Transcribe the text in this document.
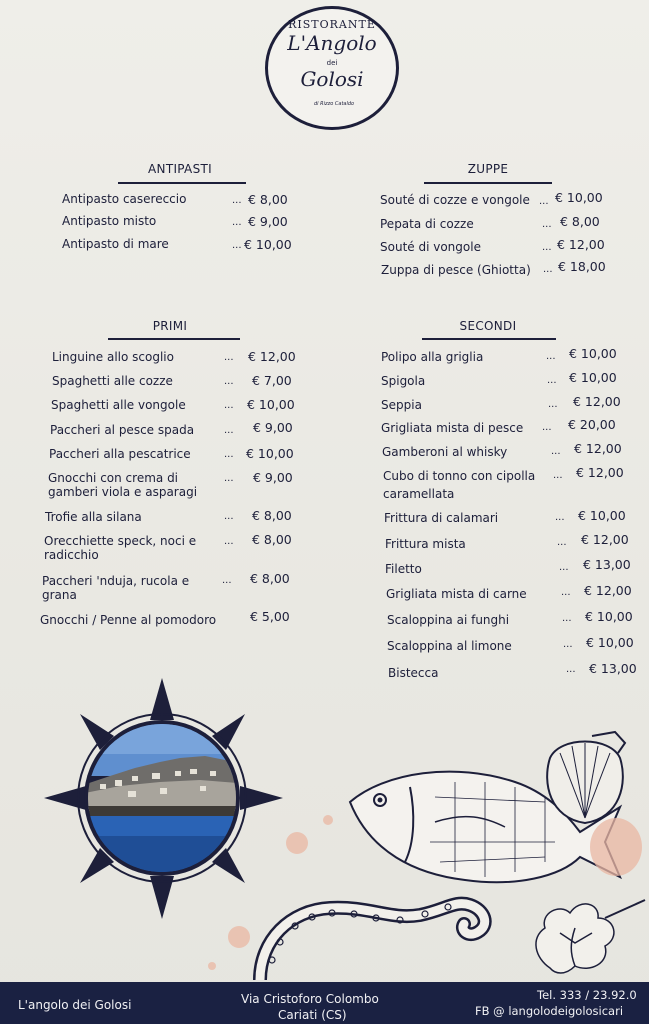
RISTORANTE
L'Angolo
dei
Golosi
di Rizzo Cataldo
ANTIPASTI
Antipasto casereccio	... € 8,00
Antipasto misto	... € 9,00
Antipasto di mare	... € 10,00
ZUPPE
Souté di cozze e vongole ... € 10,00
Pepata di cozze	... € 8,00
Souté di vongole	... € 12,00
Zuppa di pesce (Ghiotta) ... € 18,00
PRIMI
Linguine allo scoglio	... € 12,00
Spaghetti alle cozze	... € 7,00
Spaghetti alle vongole	... € 10,00
Paccheri al pesce spada	... € 9,00
Paccheri alla pescatrice	... € 10,00
Gnocchi con crema di
gamberi viola e asparagi
... € 9,00
Trofie alla silana	... € 8,00
Orecchiette speck, noci e
radicchio
... € 8,00
Paccheri 'nduja, rucola e
grana
... € 8,00
Gnocchi / Penne al pomodoro	€ 5,00
SECONDI
Polipo alla griglia	... € 10,00
Spigola	... € 10,00
Seppia	... € 12,00
Grigliata mista di pesce ... € 20,00
Gamberoni al whisky	... € 12,00
Cubo di tonno con cipolla
caramellata
... € 12,00
Frittura di calamari	... € 10,00
Frittura mista	... € 12,00
Filetto	... € 13,00
Grigliata mista di carne	... € 12,00
Scaloppina ai funghi	... € 10,00
Scaloppina al limone	... € 10,00
Bistecca	... € 13,00
L'angolo dei Golosi	Via Cristoforo Colombo
Cariati (CS)
Tel. 333 / 23.92.0
FB @ langolodeigolosicari
